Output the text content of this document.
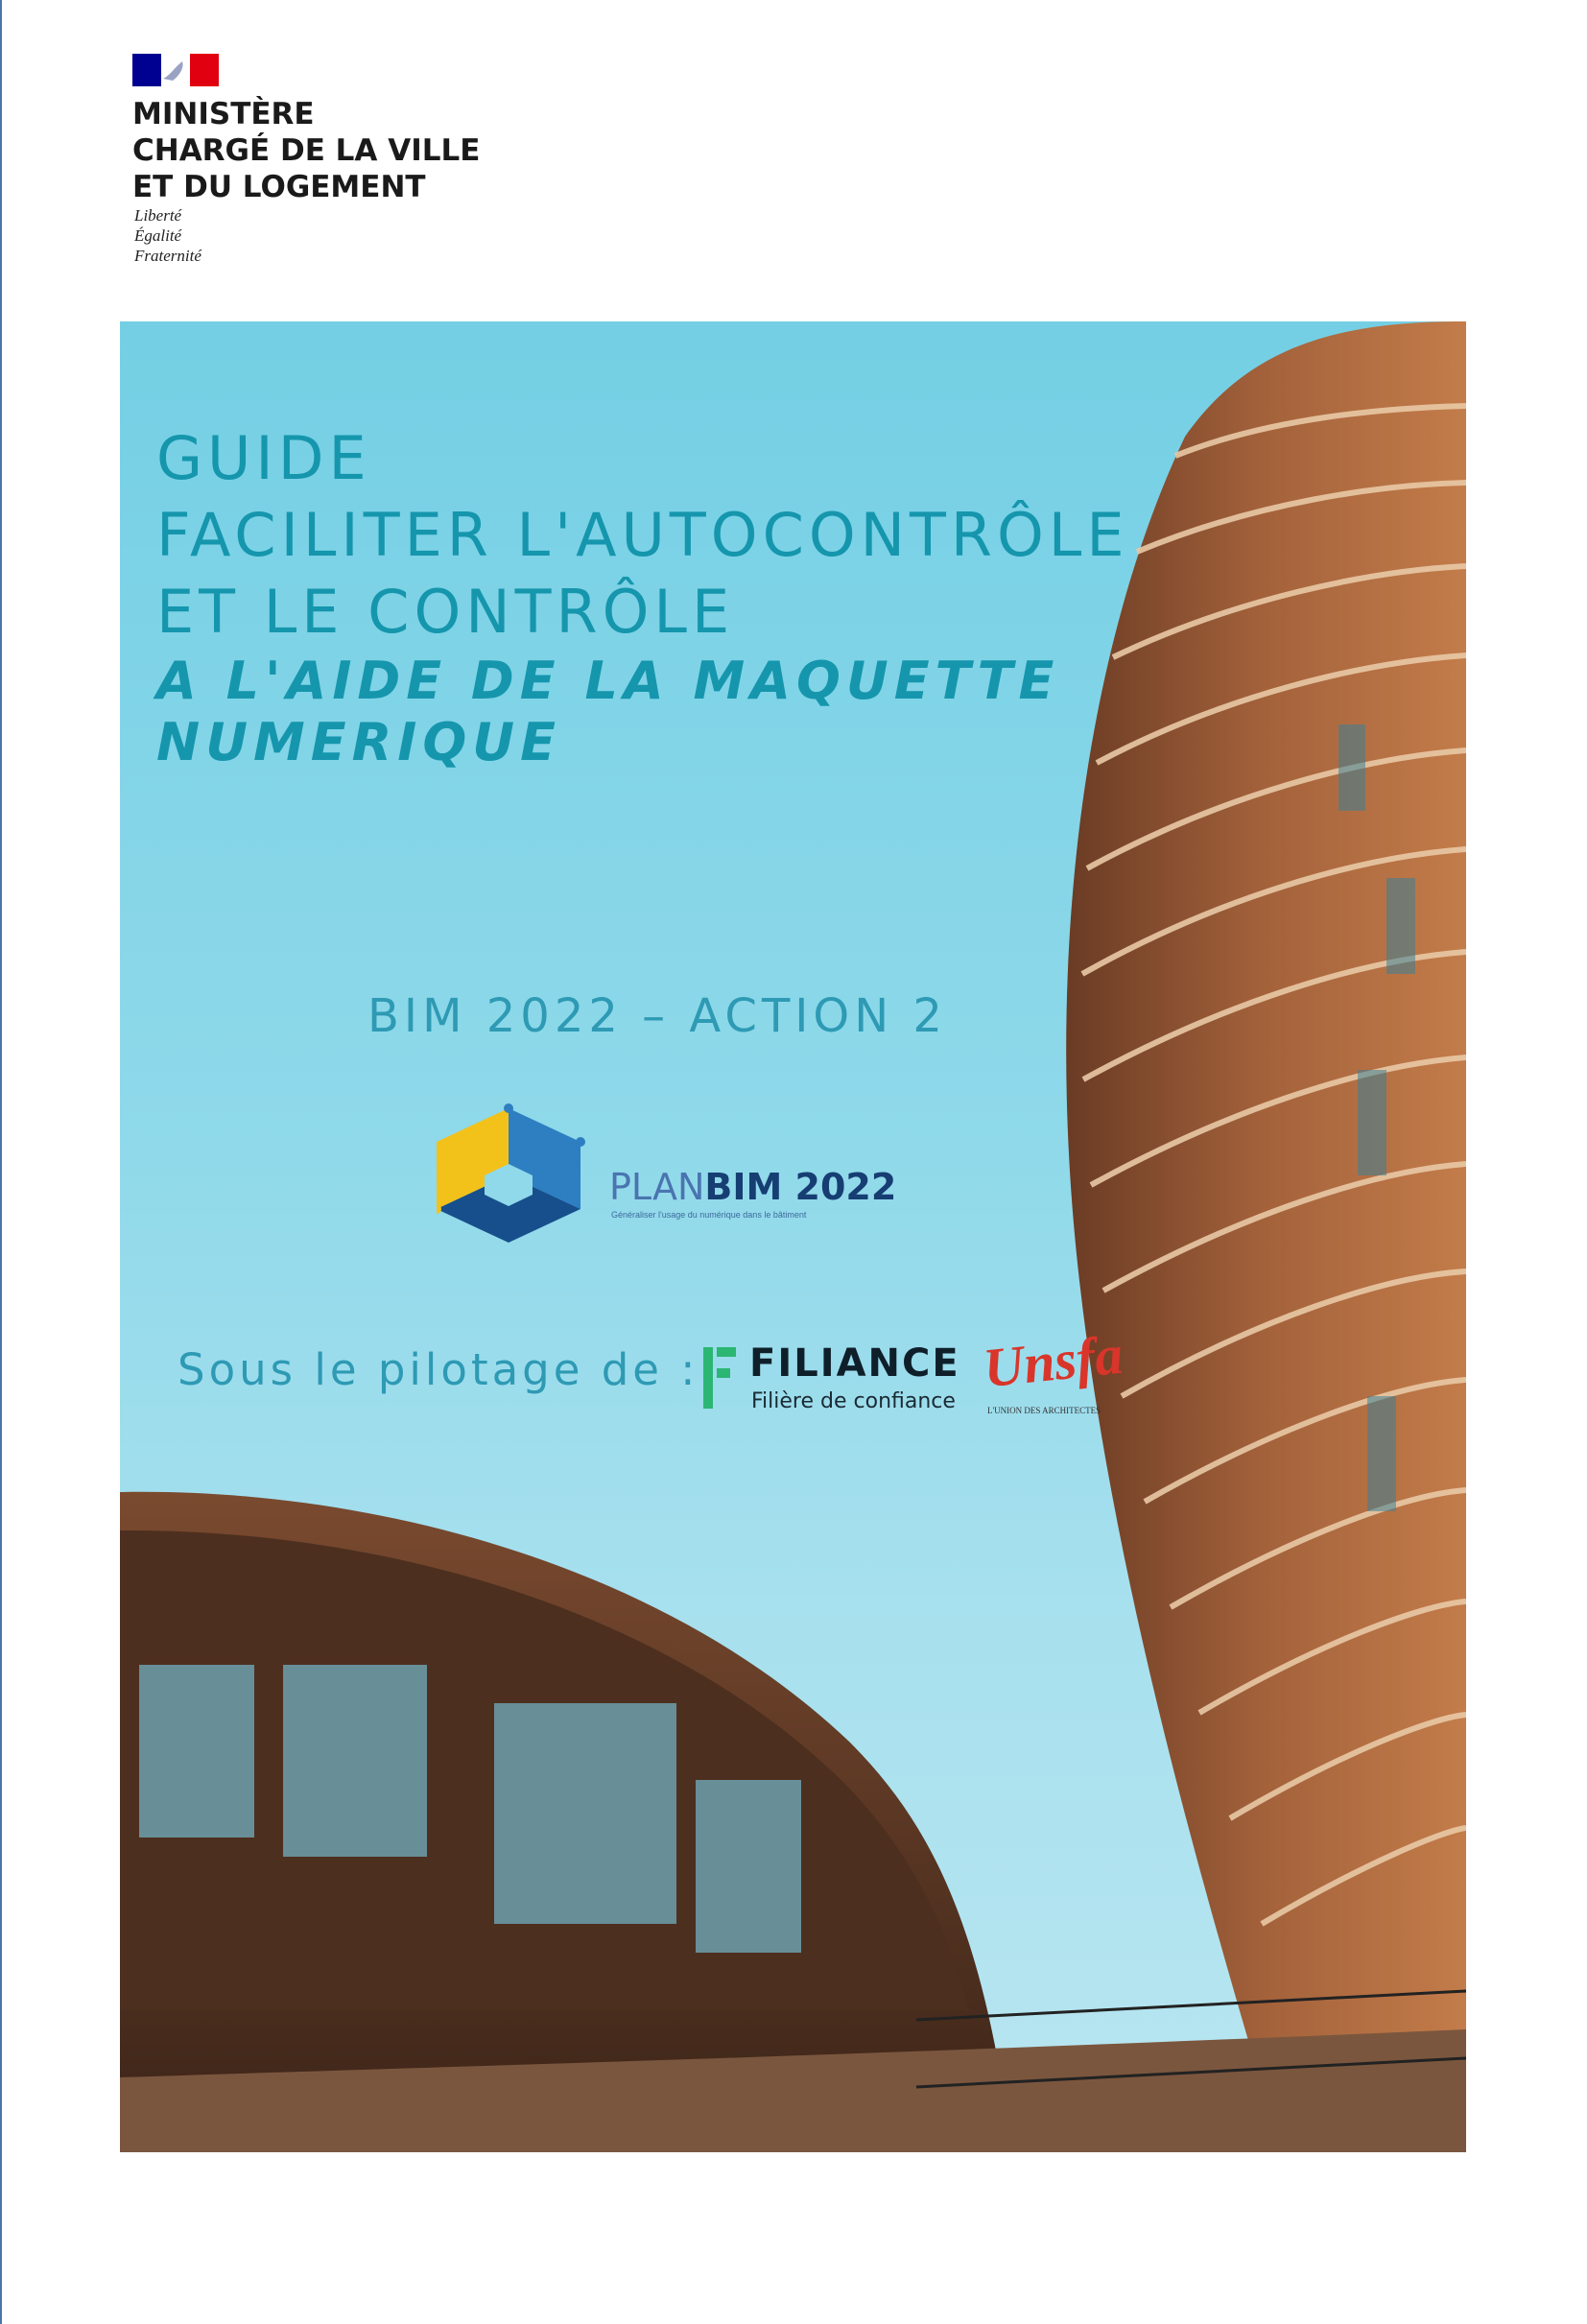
MINISTÈRE
CHARGÉ DE LA VILLE
ET DU LOGEMENT
Liberté
Égalité
Fraternité
GUIDE
FACILITER L'AUTOCONTRÔLE
ET LE CONTRÔLE
A L'AIDE DE LA MAQUETTE
NUMERIQUE
BIM 2022 – ACTION 2
PLANBIM 2022
Généraliser l'usage du numérique dans le bâtiment
Sous le pilotage de : FILIANCE
Filière de confiance
Unsfa
L'UNION DES ARCHITECTES
